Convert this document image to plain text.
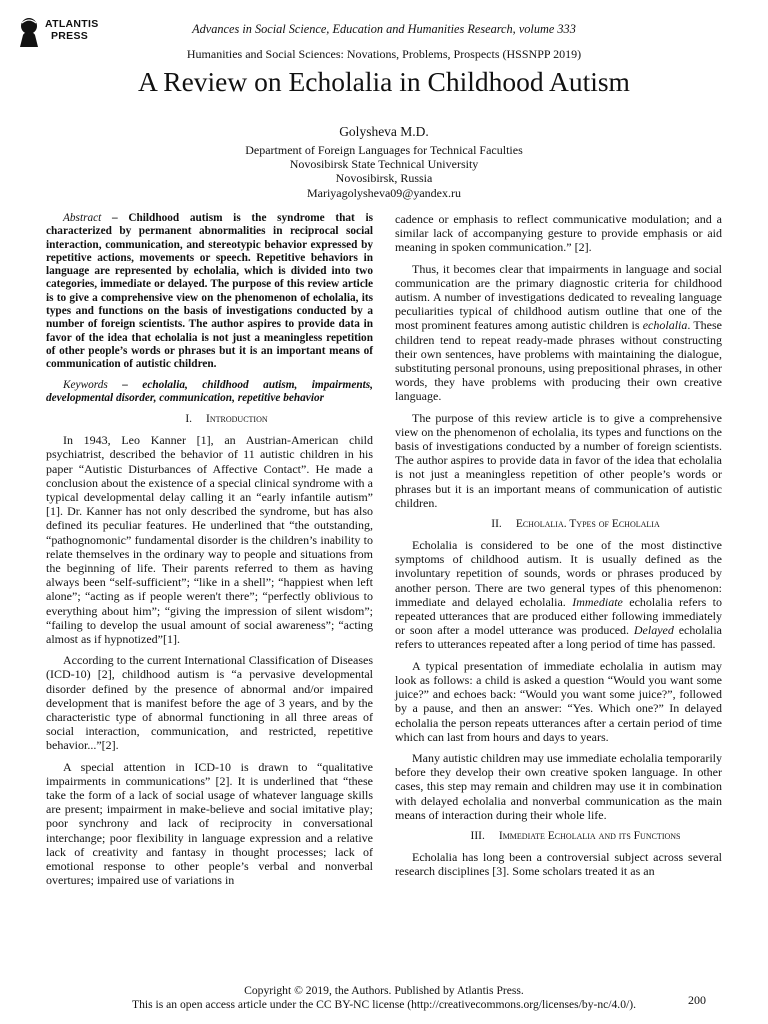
ATLANTIS
PRESS	Advances in Social Science, Education and Humanities Research, volume 333
Humanities and Social Sciences: Novations, Problems, Prospects (HSSNPP 2019)
A Review on Echolalia in Childhood Autism
Golysheva M.D.
Department of Foreign Languages for Technical Faculties
Novosibirsk State Technical University
Novosibirsk, Russia
Mariyagolysheva09@yandex.ru

Abstract – Childhood autism is the syndrome that is characterized by permanent abnormalities in reciprocal social interaction, communication, and stereotypic behavior expressed by repetitive actions, movements or speech. Repetitive behaviors in language are represented by echolalia, which is divided into two categories, immediate or delayed. The purpose of this review article is to give a comprehensive view on the phenomenon of echolalia, its types and functions on the basis of investigations conducted by a number of foreign scientists. The author aspires to provide data in favor of the idea that echolalia is not just a meaningless repetition of other people’s words or phrases but it is an important means of communication of autistic children.

Keywords – echolalia, childhood autism, impairments, developmental disorder, communication, repetitive behavior

I. Introduction

In 1943, Leo Kanner [1], an Austrian-American child psychiatrist, described the behavior of 11 autistic children in his paper “Autistic Disturbances of Affective Contact”. He made a conclusion about the existence of a special clinical syndrome with a typical developmental delay calling it an “early infantile autism” [1]. Dr. Kanner has not only described the syndrome, but has also defined its peculiar features. He underlined that “the outstanding, “pathognomonic” fundamental disorder is the children’s inability to relate themselves in the ordinary way to people and situations from the beginning of life. Their parents referred to them as having always been “self-sufficient”; “like in a shell”; “happiest when left alone”; “acting as if people weren't there”; “perfectly oblivious to everything about him”; “giving the impression of silent wisdom”; “failing to develop the usual amount of social awareness”; “acting almost as if hypnotized”[1].

According to the current International Classification of Diseases (ICD-10) [2], childhood autism is “a pervasive developmental disorder defined by the presence of abnormal and/or impaired development that is manifest before the age of 3 years, and by the characteristic type of abnormal functioning in all three areas of social interaction, communication, and restricted, repetitive behavior...”[2].

A special attention in ICD-10 is drawn to “qualitative impairments in communications” [2]. It is underlined that “these take the form of a lack of social usage of whatever language skills are present; impairment in make-believe and social imitative play; poor synchrony and lack of reciprocity in conversational interchange; poor flexibility in language expression and a relative lack of creativity and fantasy in thought processes; lack of emotional response to other people’s verbal and nonverbal overtures; impaired use of variations in

cadence or emphasis to reflect communicative modulation; and a similar lack of accompanying gesture to provide emphasis or aid meaning in spoken communication.” [2].

Thus, it becomes clear that impairments in language and social communication are the primary diagnostic criteria for childhood autism. A number of investigations dedicated to revealing language peculiarities typical of childhood autism outline that one of the most prominent features among autistic children is echolalia. These children tend to repeat ready-made phrases without constructing their own sentences, have problems with maintaining the dialogue, substituting personal pronouns, using prepositional phrases, in other words, they have problems with producing their own creative language.

The purpose of this review article is to give a comprehensive view on the phenomenon of echolalia, its types and functions on the basis of investigations conducted by a number of foreign scientists. The author aspires to provide data in favor of the idea that echolalia is not just a meaningless repetition of other people’s words or phrases but it is an important means of communication of autistic children.

II. Echolalia. Types of Echolalia

Echolalia is considered to be one of the most distinctive symptoms of childhood autism. It is usually defined as the involuntary repetition of sounds, words or phrases produced by another person. There are two general types of this phenomenon: immediate and delayed echolalia. Immediate echolalia refers to repeated utterances that are produced either following immediately or soon after a model utterance was produced. Delayed echolalia refers to utterances repeated after a long period of time has passed.

A typical presentation of immediate echolalia in autism may look as follows: a child is asked a question “Would you want some juice?” and echoes back: “Would you want some juice?”, followed by a pause, and then an answer: “Yes. Which one?” In delayed echolalia the person repeats utterances after a certain period of time which can last from hours and days to years.

Many autistic children may use immediate echolalia temporarily before they develop their own creative spoken language. In other cases, this step may remain and children may use it in combination with delayed echolalia and nonverbal communication as the main means of interaction during their whole life.

III. Immediate Echolalia and its Functions

Echolalia has long been a controversial subject across several research disciplines [3]. Some scholars treated it as an

Copyright © 2019, the Authors. Published by Atlantis Press.
This is an open access article under the CC BY-NC license (http://creativecommons.org/licenses/by-nc/4.0/).	200
